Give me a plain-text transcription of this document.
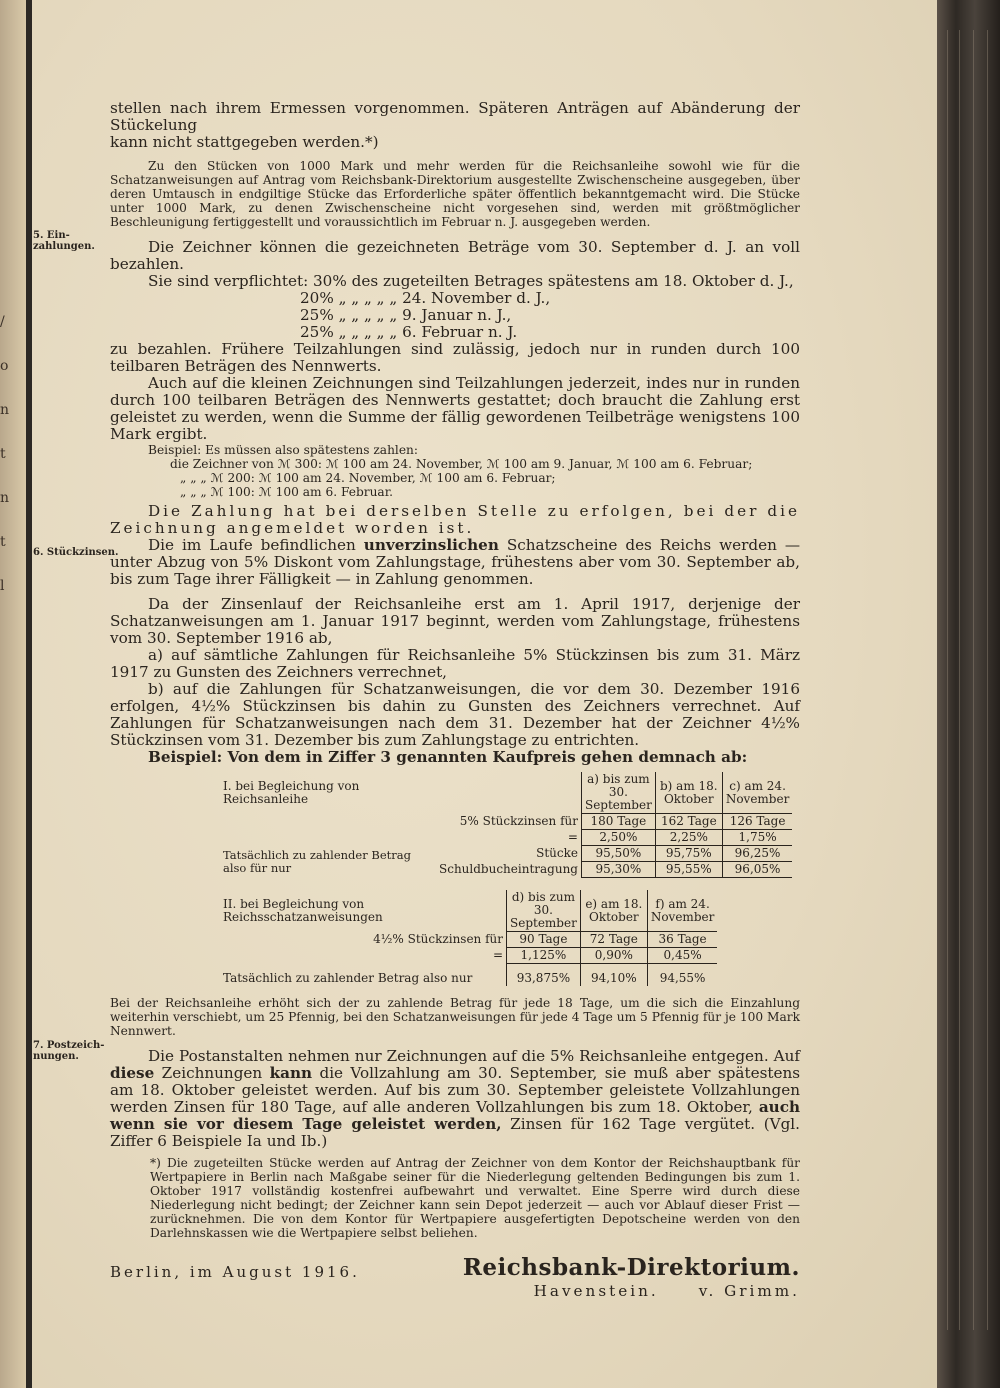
/
o
n
t
n
t
l
5. Ein-
zahlungen.
6. Stückzinsen.
7. Postzeich-
nungen.

stellen nach ihrem Ermessen vorgenommen. Späteren Anträgen auf Abänderung der Stückelung

kann nicht stattgegeben werden.*)

Zu den Stücken von 1000 Mark und mehr werden für die Reichsanleihe sowohl wie für die Schatzanweisungen auf Antrag vom Reichsbank-Direktorium ausgestellte Zwischenscheine ausgegeben, über deren Umtausch in endgiltige Stücke das Erforderliche später öffentlich bekanntgemacht wird. Die Stücke unter 1000 Mark, zu denen Zwischenscheine nicht vorgesehen sind, werden mit größtmöglicher Beschleunigung fertiggestellt und voraussichtlich im Februar n. J. ausgegeben werden.

Die Zeichner können die gezeichneten Beträge vom 30. September d. J. an voll bezahlen.

Sie sind verpflichtet: 30% des zugeteilten Betrages spätestens am 18. Oktober d. J.,

20% „ „ „ „ „ 24. November d. J.,

25% „ „ „ „ „ 9. Januar n. J.,

25% „ „ „ „ „ 6. Februar n. J.

zu bezahlen. Frühere Teilzahlungen sind zulässig, jedoch nur in runden durch 100 teilbaren Beträgen des Nennwerts.

Auch auf die kleinen Zeichnungen sind Teilzahlungen jederzeit, indes nur in runden durch 100 teilbaren Beträgen des Nennwerts gestattet; doch braucht die Zahlung erst geleistet zu werden, wenn die Summe der fällig gewordenen Teilbeträge wenigstens 100 Mark ergibt.

Beispiel: Es müssen also spätestens zahlen:

die Zeichner von ℳ 300: ℳ 100 am 24. November, ℳ 100 am 9. Januar, ℳ 100 am 6. Februar;

„ „ „ ℳ 200: ℳ 100 am 24. November, ℳ 100 am 6. Februar;

„ „ „ ℳ 100: ℳ 100 am 6. Februar.

Die Zahlung hat bei derselben Stelle zu erfolgen, bei der die Zeichnung angemeldet worden ist.

Die im Laufe befindlichen unverzinslichen Schatzscheine des Reichs werden — unter Abzug von 5% Diskont vom Zahlungstage, frühestens aber vom 30. September ab, bis zum Tage ihrer Fälligkeit — in Zahlung genommen.

Da der Zinsenlauf der Reichsanleihe erst am 1. April 1917, derjenige der Schatzanweisungen am 1. Januar 1917 beginnt, werden vom Zahlungstage, frühestens vom 30. September 1916 ab,

a) auf sämtliche Zahlungen für Reichsanleihe 5% Stückzinsen bis zum 31. März 1917 zu Gunsten des Zeichners verrechnet,

b) auf die Zahlungen für Schatzanweisungen, die vor dem 30. Dezember 1916 erfolgen, 4½% Stückzinsen bis dahin zu Gunsten des Zeichners verrechnet. Auf Zahlungen für Schatzanweisungen nach dem 31. Dezember hat der Zeichner 4½% Stückzinsen vom 31. Dezember bis zum Zahlungstage zu entrichten.

Beispiel: Von dem in Ziffer 3 genannten Kaufpreis gehen demnach ab:

I. bei Begleichung von Reichsanleihe		a) bis zum 30. September	b) am 18. Oktober	c) am 24. November
5% Stückzinsen für		180 Tage	162 Tage	126 Tage
=		2,50%	2,25%	1,75%
Tatsächlich zu zahlender Betrag also für nur	Stücke	95,50%	95,75%	96,25%
	Schuldbucheintragung	95,30%	95,55%	96,05%
II. bei Begleichung von Reichsschatzanweisungen	d) bis zum 30. September	e) am 18. Oktober	f) am 24. November
4½% Stückzinsen für	90 Tage	72 Tage	36 Tage
=	1,125%	0,90%	0,45%
Tatsächlich zu zahlender Betrag also nur	93,875%	94,10%	94,55%

Bei der Reichsanleihe erhöht sich der zu zahlende Betrag für jede 18 Tage, um die sich die Einzahlung weiterhin verschiebt, um 25 Pfennig, bei den Schatzanweisungen für jede 4 Tage um 5 Pfennig für je 100 Mark Nennwert.

Die Postanstalten nehmen nur Zeichnungen auf die 5% Reichsanleihe entgegen. Auf diese Zeichnungen kann die Vollzahlung am 30. September, sie muß aber spätestens am 18. Oktober geleistet werden. Auf bis zum 30. September geleistete Vollzahlungen werden Zinsen für 180 Tage, auf alle anderen Vollzahlungen bis zum 18. Oktober, auch wenn sie vor diesem Tage geleistet werden, Zinsen für 162 Tage vergütet. (Vgl. Ziffer 6 Beispiele Ia und Ib.)

*) Die zugeteilten Stücke werden auf Antrag der Zeichner von dem Kontor der Reichshauptbank für Wertpapiere in Berlin nach Maßgabe seiner für die Niederlegung geltenden Bedingungen bis zum 1. Oktober 1917 vollständig kostenfrei aufbewahrt und verwaltet. Eine Sperre wird durch diese Niederlegung nicht bedingt; der Zeichner kann sein Depot jederzeit — auch vor Ablauf dieser Frist — zurücknehmen. Die von dem Kontor für Wertpapiere ausgefertigten Depotscheine werden von den Darlehnskassen wie die Wertpapiere selbst beliehen.

Berlin, im August 1916.	Reichsbank-Direktorium.
Havenstein.	v. Grimm.
